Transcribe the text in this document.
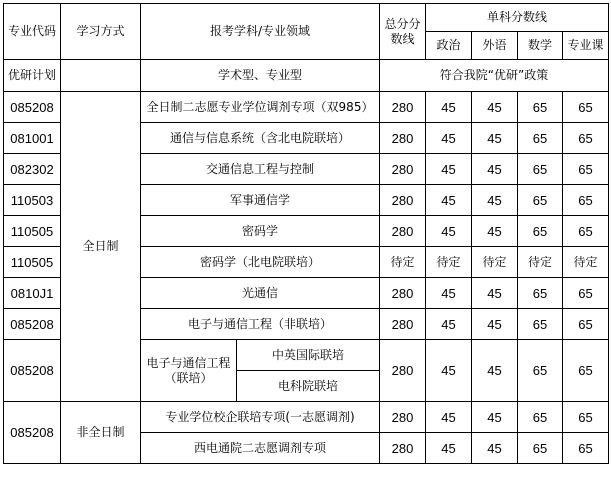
专业代码	学习方式	报考学科/专业领域		总分分数线	单科分数线			
					政治	外语	数学	专业课
优研计划		学术型、专业型		符合我院“优研”政策				
085208	全日制	全日制二志愿专业学位调剂专项（双985）		280	45	45	65	65
081001		通信与信息系统（含北电院联培）		280	45	45	65	65
082302		交通信息工程与控制		280	45	45	65	65
110503		军事通信学		280	45	45	65	65
110505		密码学		280	45	45	65	65
110505		密码学（北电院联培）		待定	待定	待定	待定	待定
0810J1		光通信		280	45	45	65	65
085208		电子与通信工程（非联培）		280	45	45	65	65
085208		电子与通信工程（联培）	中英国际联培	280	45	45	65	65
			电科院联培					
085208	非全日制	专业学位校企联培专项(一志愿调剂)		280	45	45	65	65
		西电通院二志愿调剂专项		280	45	45	65	65
